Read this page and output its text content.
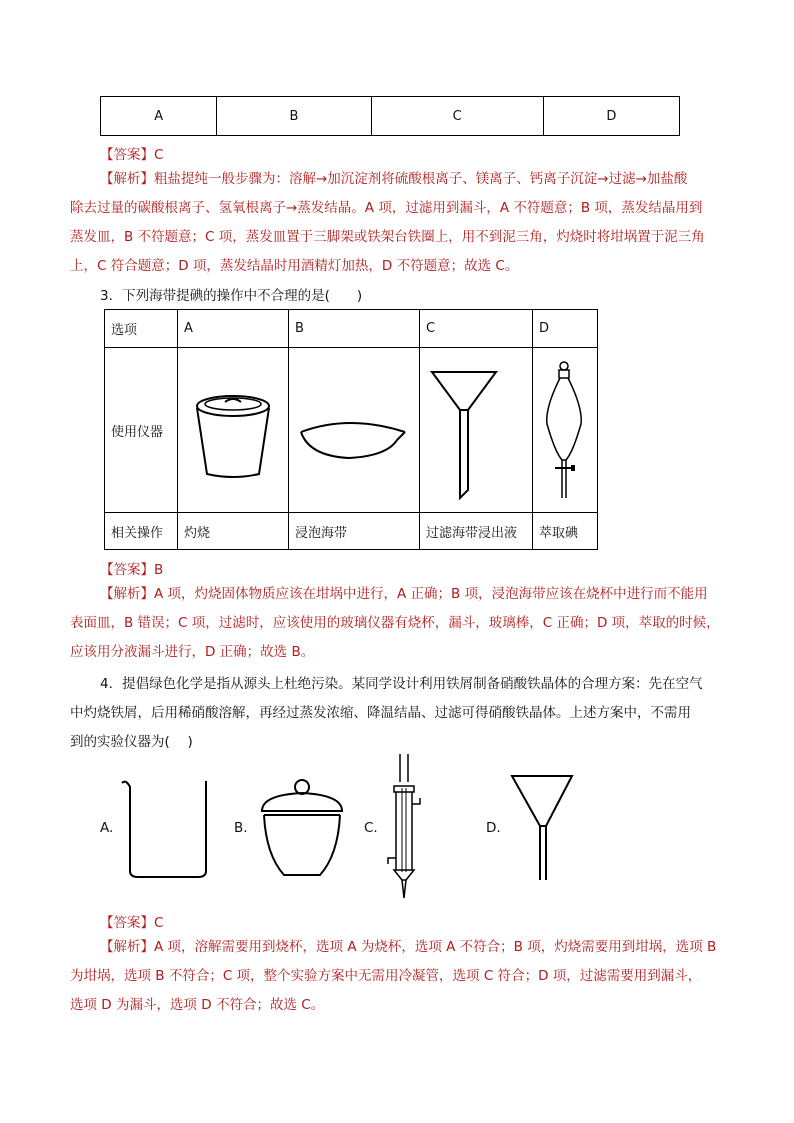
A	B	C	D
【答案】C
【解析】粗盐提纯一般步骤为：溶解→加沉淀剂将硫酸根离子、镁离子、钙离子沉淀→过滤→加盐酸
除去过量的碳酸根离子、氢氧根离子→蒸发结晶。A 项，过滤用到漏斗，A 不符题意；B 项，蒸发结晶用到
蒸发皿，B 不符题意；C 项，蒸发皿置于三脚架或铁架台铁圈上，用不到泥三角，灼烧时将坩埚置于泥三角
上，C 符合题意；D 项，蒸发结晶时用酒精灯加热，D 不符题意；故选 C。
3．下列海带提碘的操作中不合理的是(　　)
选项	A	B	C	D
使用仪器	

相关操作	灼烧	浸泡海带	过滤海带浸出液	萃取碘
【答案】B
【解析】A 项，灼烧固体物质应该在坩埚中进行，A 正确；B 项，浸泡海带应该在烧杯中进行而不能用
表面皿，B 错误；C 项，过滤时，应该使用的玻璃仪器有烧杯，漏斗，玻璃棒，C 正确；D 项，萃取的时候，
应该用分液漏斗进行，D 正确；故选 B。
4．提倡绿色化学是指从源头上杜绝污染。某同学设计利用铁屑制备硝酸铁晶体的合理方案：先在空气
中灼烧铁屑，后用稀硝酸溶解，再经过蒸发浓缩、降温结晶、过滤可得硝酸铁晶体。上述方案中，不需用
到的实验仪器为(　 )
A.	B.	C.	D.
【答案】C
【解析】A 项，溶解需要用到烧杯，选项 A 为烧杯，选项 A 不符合；B 项，灼烧需要用到坩埚，选项 B
为坩埚，选项 B 不符合；C 项，整个实验方案中无需用冷凝管，选项 C 符合；D 项，过滤需要用到漏斗，
选项 D 为漏斗，选项 D 不符合；故选 C。
